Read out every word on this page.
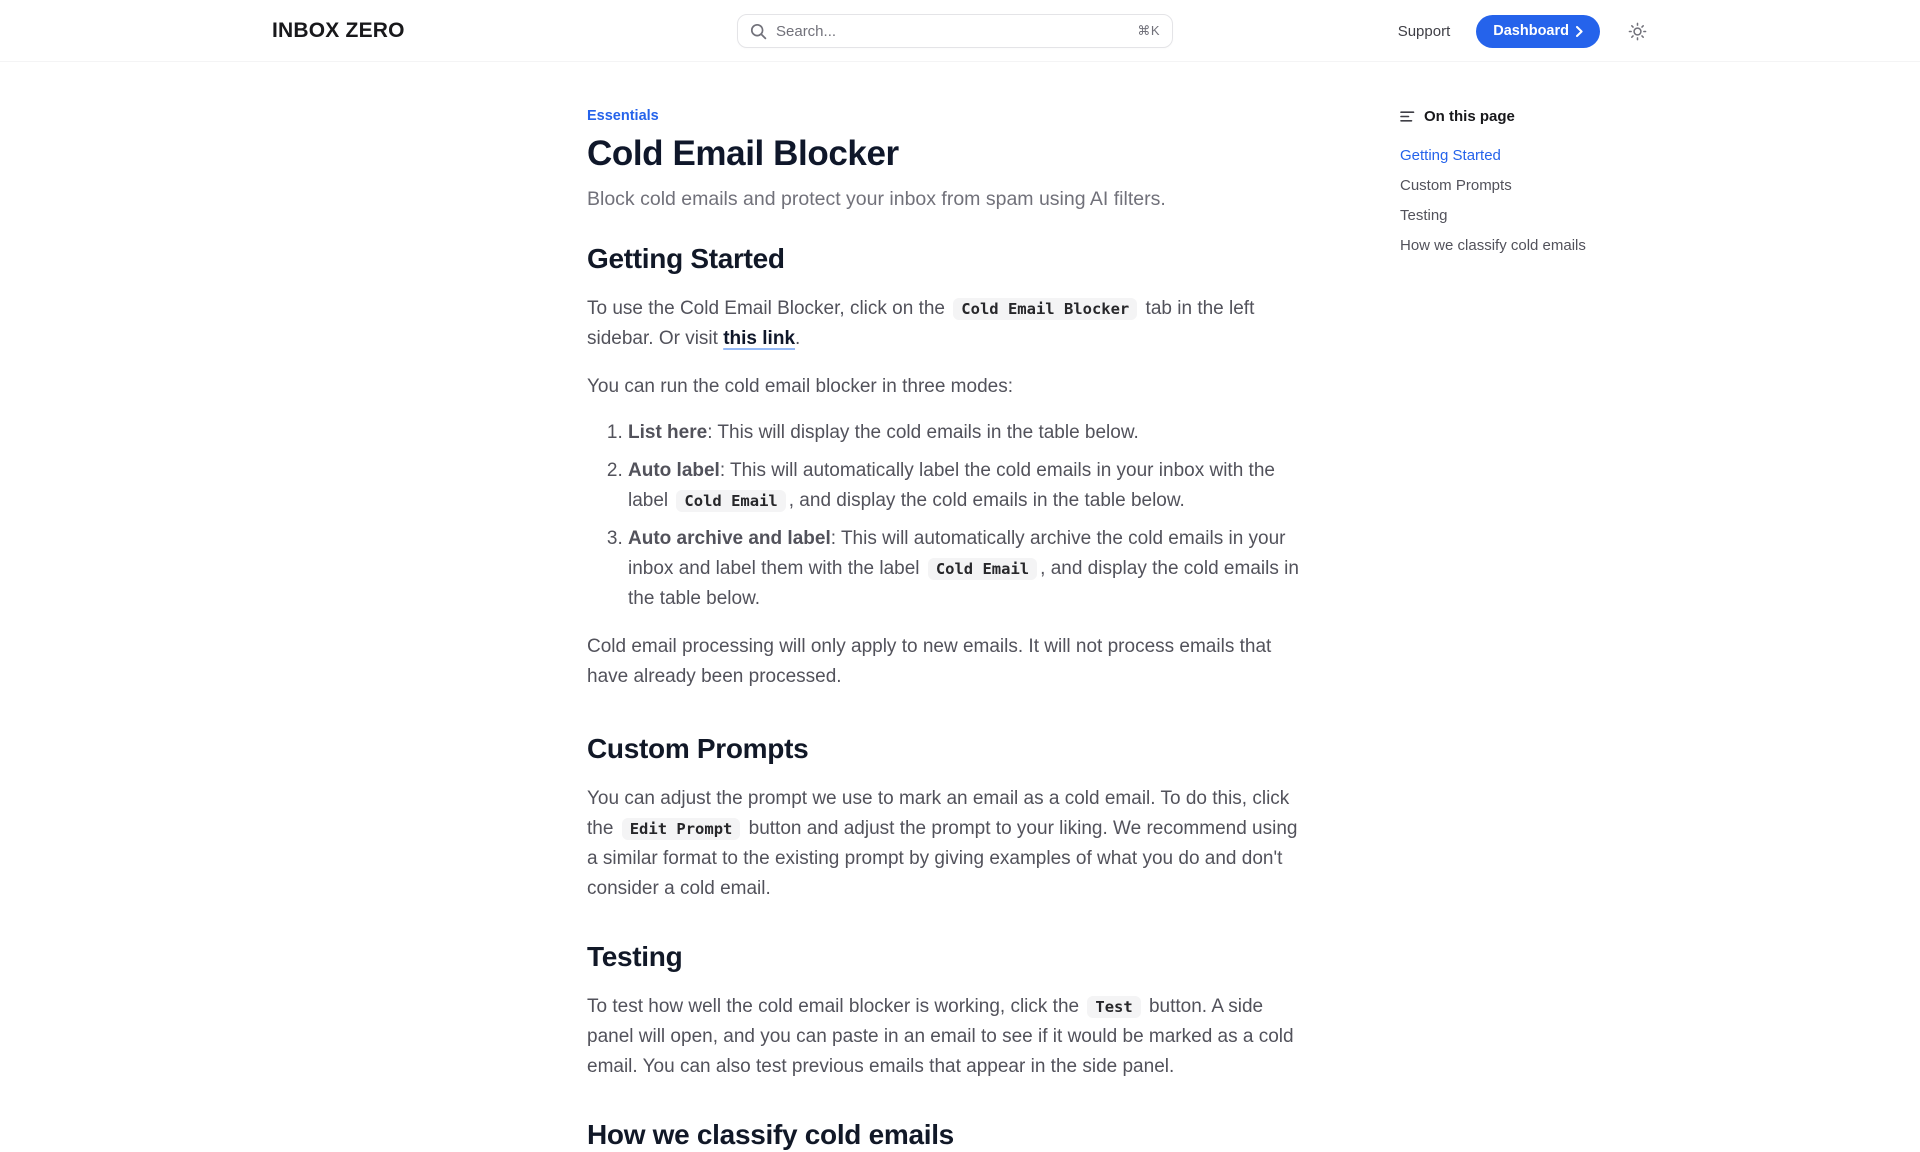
INBOX ZERO	Search...	⌘K	Support	Dashboard
Essentials
Cold Email Blocker

Block cold emails and protect your inbox from spam using AI filters.

Getting Started

To use the Cold Email Blocker, click on the Cold Email Blocker tab in the left sidebar. Or visit this link.

You can run the cold email blocker in three modes:

1. List here: This will display the cold emails in the table below.
2. Auto label: This will automatically label the cold emails in your inbox with the label Cold Email , and display the cold emails in the table below.
3. Auto archive and label: This will automatically archive the cold emails in your inbox and label them with the label Cold Email , and display the cold emails in the table below.

Cold email processing will only apply to new emails. It will not process emails that have already been processed.

Custom Prompts

You can adjust the prompt we use to mark an email as a cold email. To do this, click the Edit Prompt button and adjust the prompt to your liking. We recommend using a similar format to the existing prompt by giving examples of what you do and don't consider a cold email.

Testing

To test how well the cold email blocker is working, click the Test button. A side panel will open, and you can paste in an email to see if it would be marked as a cold email. You can also test previous emails that appear in the side panel.

How we classify cold emails
On this page
Getting Started
Custom Prompts
Testing
How we classify cold emails
